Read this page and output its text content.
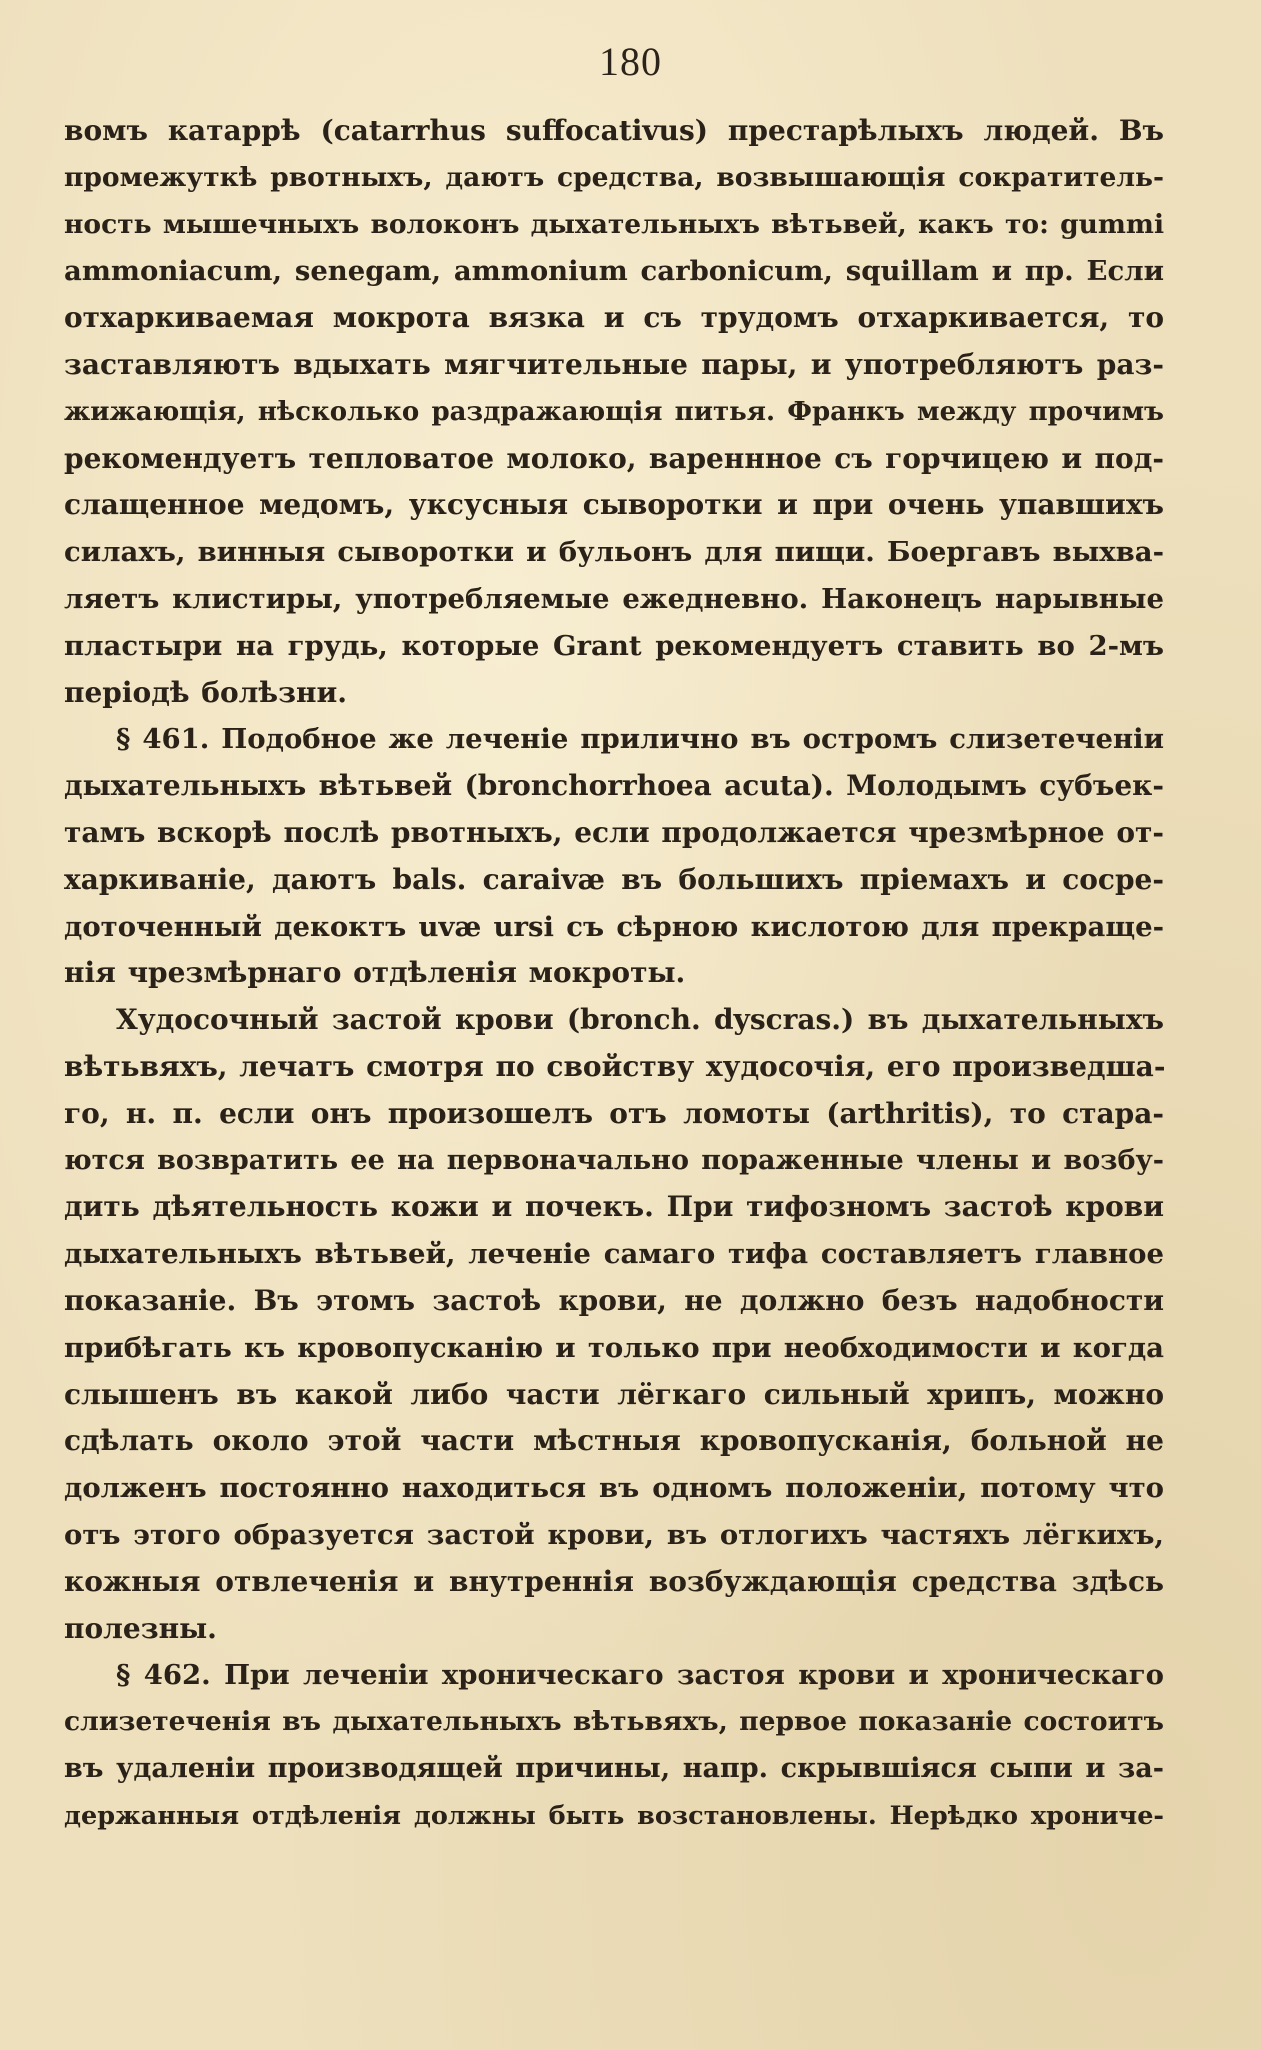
180
вомъ катаррѣ (catarrhus suffocativus) престарѣлыхъ людей. Въ
промежуткѣ рвотныхъ, даютъ средства, возвышающія сократитель-
ность мышечныхъ волоконъ дыхательныхъ вѣтьвей, какъ то: gummi
ammoniacum, senegam, ammonium carbonicum, squillam и пр. Если
отхаркиваемая мокрота вязка и съ трудомъ отхаркивается, то
заставляютъ вдыхать мягчительные пары, и употребляютъ раз-
жижающія, нѣсколько раздражающія питья. Франкъ между прочимъ
рекомендуетъ тепловатое молоко, вареннное съ горчицею и под-
слащенное медомъ, уксусныя сыворотки и при очень упавшихъ
силахъ, винныя сыворотки и бульонъ для пищи. Боергавъ выхва-
ляетъ клистиры, употребляемые ежедневно. Наконецъ нарывные
пластыри на грудь, которые Grant рекомендуетъ ставить во 2-мъ
періодѣ болѣзни.
§ 461. Подобное же леченіе прилично въ остромъ слизетеченіи
дыхательныхъ вѣтьвей (bronchorrhoea acuta). Молодымъ субъек-
тамъ вскорѣ послѣ рвотныхъ, если продолжается чрезмѣрное от-
харкиваніе, даютъ bals. caraivæ въ большихъ пріемахъ и сосре-
доточенный декоктъ uvæ ursi съ сѣрною кислотою для прекраще-
нія чрезмѣрнаго отдѣленія мокроты.
Худосочный застой крови (bronch. dyscras.) въ дыхательныхъ
вѣтьвяхъ, лечатъ смотря по свойству худосочія, его произведша-
го, н. п. если онъ произошелъ отъ ломоты (arthritis), то стара-
ются возвратить ее на первоначально пораженные члены и возбу-
дить дѣятельность кожи и почекъ. При тифозномъ застоѣ крови
дыхательныхъ вѣтьвей, леченіе самаго тифа составляетъ главное
показаніе. Въ этомъ застоѣ крови, не должно безъ надобности
прибѣгать къ кровопусканію и только при необходимости и когда
слышенъ въ какой либо части лёгкаго сильный хрипъ, можно
сдѣлать около этой части мѣстныя кровопусканія, больной не
долженъ постоянно находиться въ одномъ положеніи, потому что
отъ этого образуется застой крови, въ отлогихъ частяхъ лёгкихъ,
кожныя отвлеченія и внутреннія возбуждающія средства здѣсь
полезны.
§ 462. При леченіи хроническаго застоя крови и хроническаго
слизетеченія въ дыхательныхъ вѣтьвяхъ, первое показаніе состоитъ
въ удаленіи производящей причины, напр. скрывшіяся сыпи и за-
держанныя отдѣленія должны быть возстановлены. Нерѣдко хрониче-
